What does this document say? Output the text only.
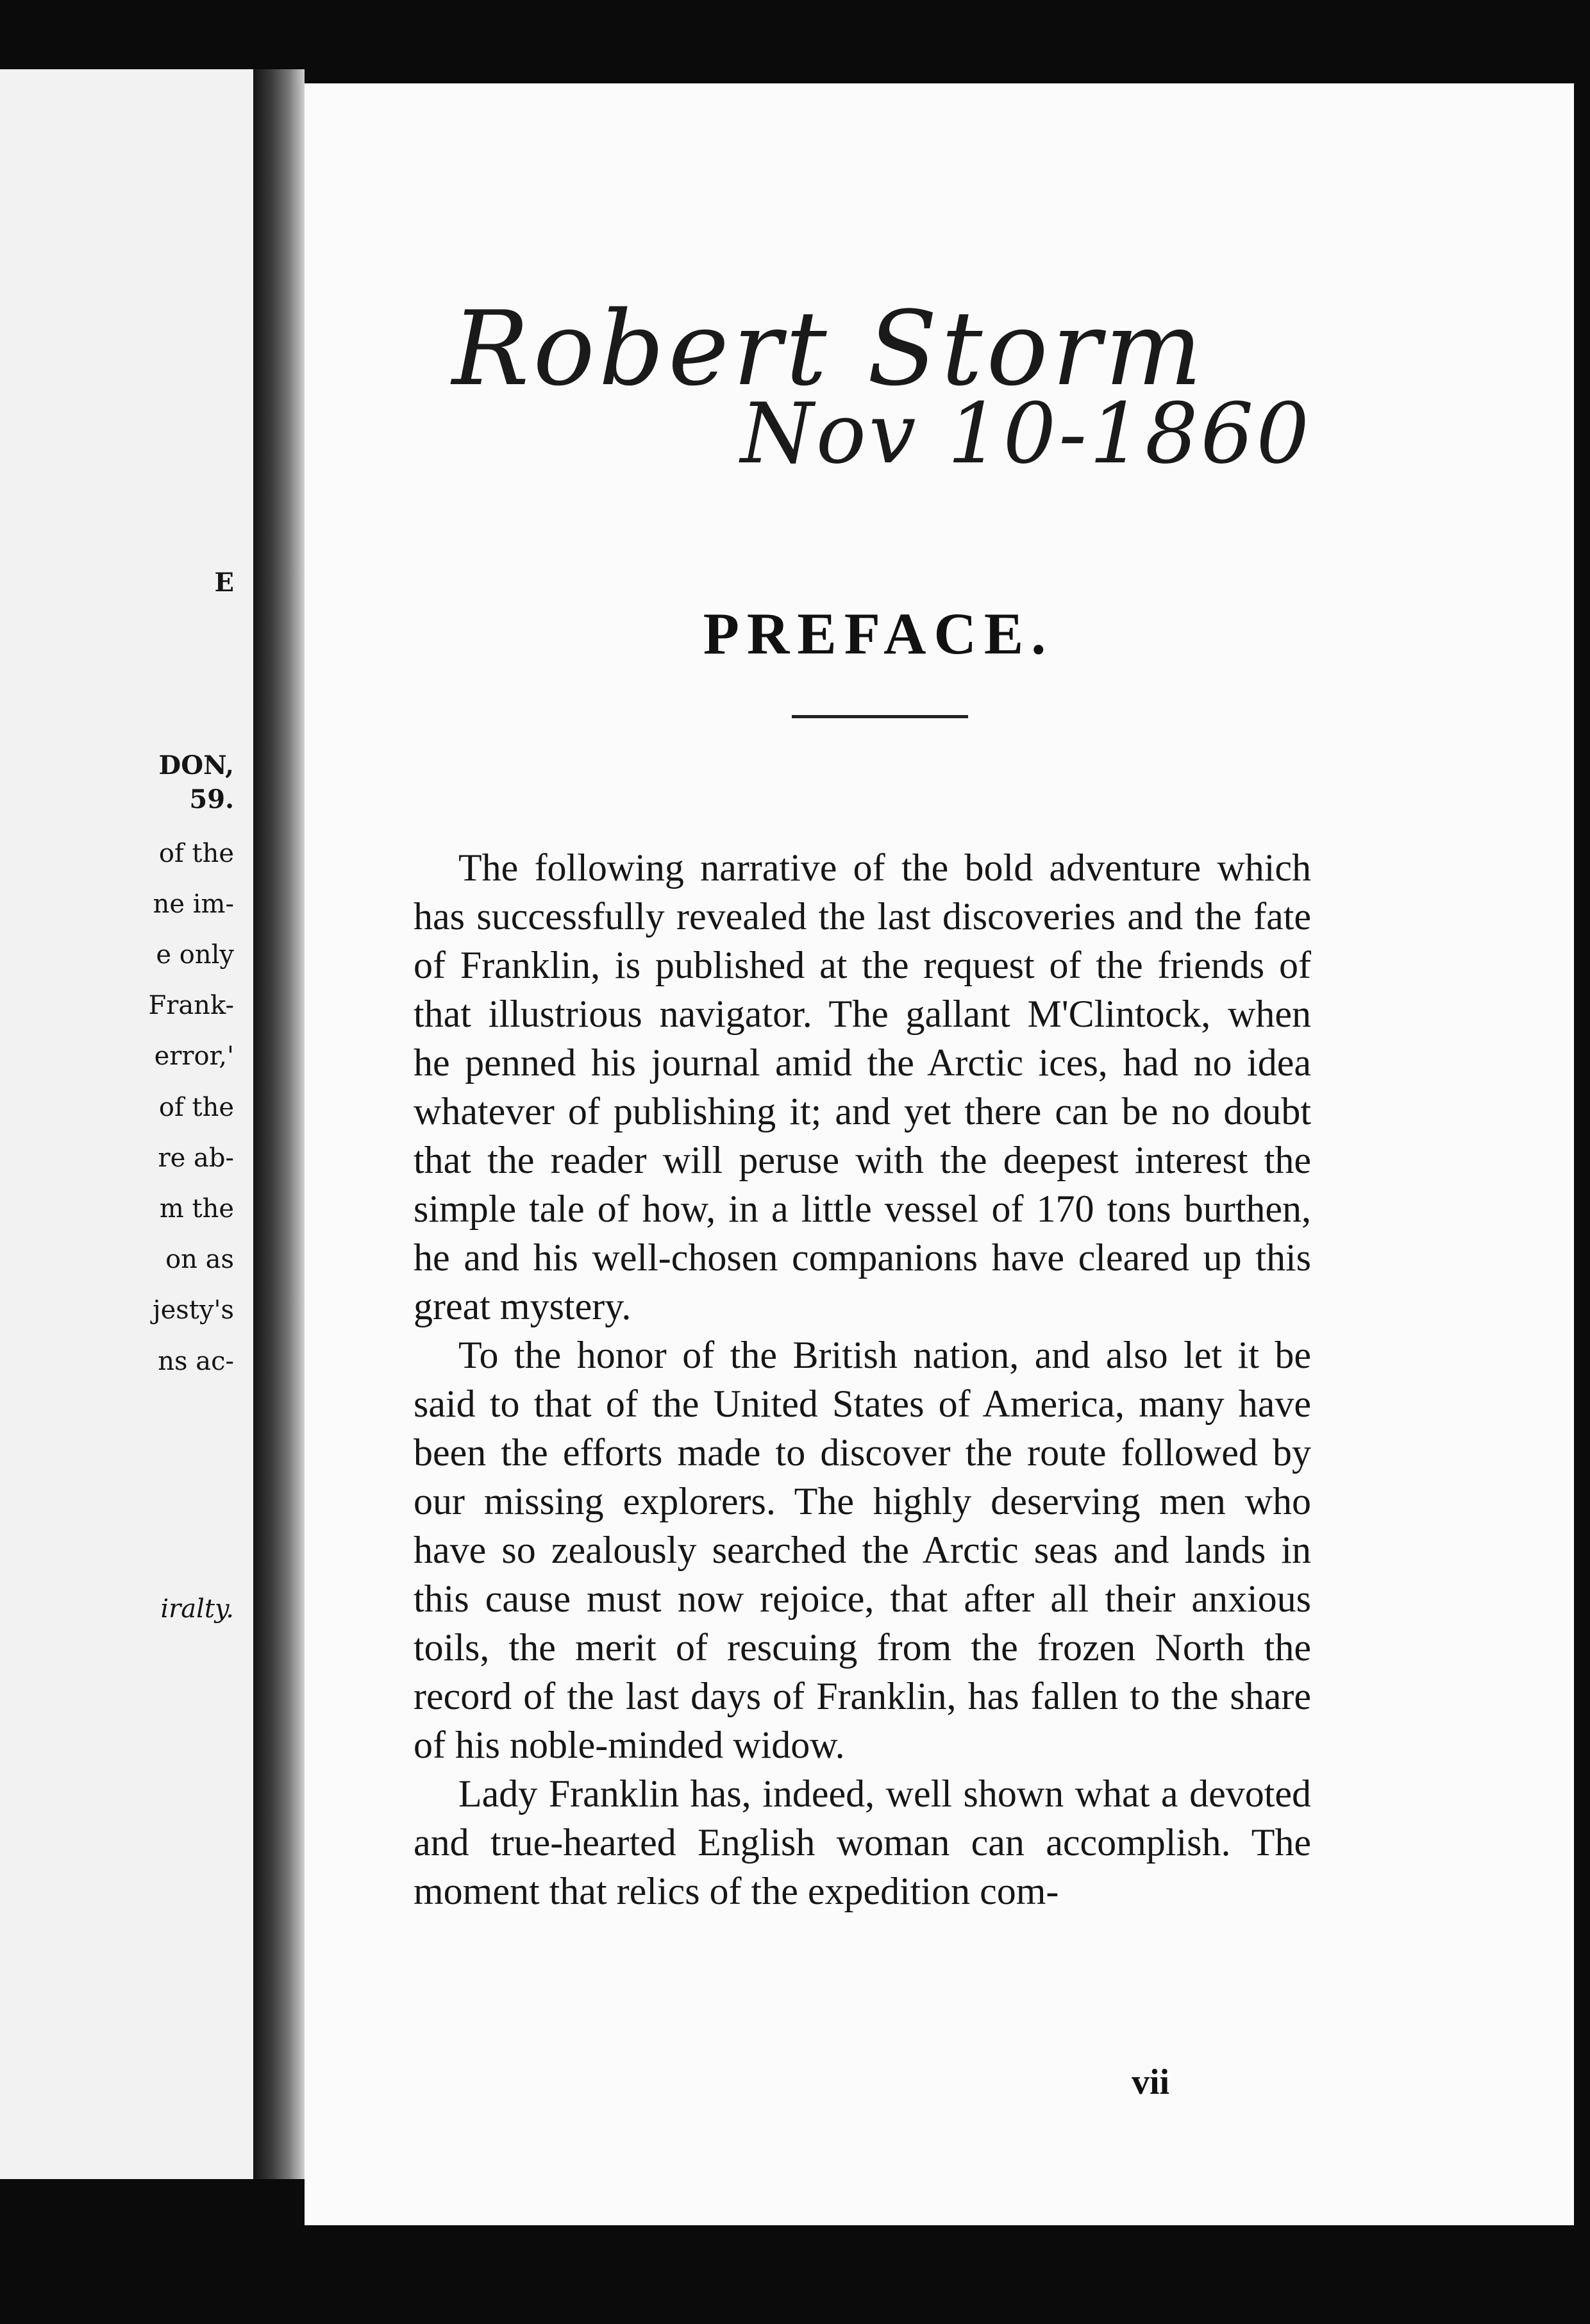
E
DON,
59.
of the
ne im-
e only
Frank-
error,'
of the
re ab-
m the
on as
jesty's
ns ac-
iralty.
Robert Storm
Nov 10-1860
PREFACE.

The following narrative of the bold adventure which has successfully revealed the last discoveries and the fate of Franklin, is published at the request of the friends of that illustrious navigator. The gallant M'Clintock, when he penned his journal amid the Arctic ices, had no idea whatever of publishing it; and yet there can be no doubt that the reader will peruse with the deepest interest the simple tale of how, in a little vessel of 170 tons burthen, he and his well-chosen companions have cleared up this great mystery.

To the honor of the British nation, and also let it be said to that of the United States of America, many have been the efforts made to discover the route followed by our missing explorers. The highly deserving men who have so zealously searched the Arctic seas and lands in this cause must now rejoice, that after all their anxious toils, the merit of rescuing from the frozen North the record of the last days of Franklin, has fallen to the share of his noble-minded widow.

Lady Franklin has, indeed, well shown what a devoted and true-hearted English woman can accomplish. The moment that relics of the expedition com-

vii
